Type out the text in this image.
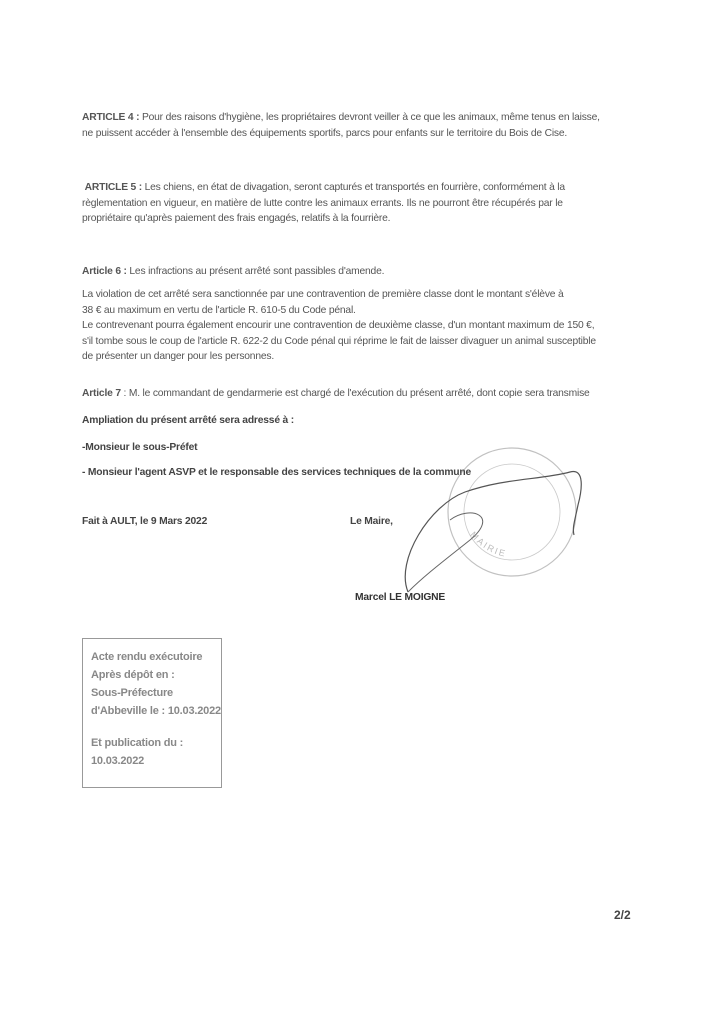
ARTICLE 4 : Pour des raisons d'hygiène, les propriétaires devront veiller à ce que les animaux, même tenus en laisse,
ne puissent accéder à l'ensemble des équipements sportifs, parcs pour enfants sur le territoire du Bois de Cise.
ARTICLE 5 : Les chiens, en état de divagation, seront capturés et transportés en fourrière, conformément à la
règlementation en vigueur, en matière de lutte contre les animaux errants. Ils ne pourront être récupérés par le
propriétaire qu'après paiement des frais engagés, relatifs à la fourrière.
Article 6 : Les infractions au présent arrêté sont passibles d'amende.
La violation de cet arrêté sera sanctionnée par une contravention de première classe dont le montant s'élève à
38 € au maximum en vertu de l'article R. 610-5 du Code pénal.
Le contrevenant pourra également encourir une contravention de deuxième classe, d'un montant maximum de 150 €,
s'il tombe sous le coup de l'article R. 622-2 du Code pénal qui réprime le fait de laisser divaguer un animal susceptible
de présenter un danger pour les personnes.
Article 7 : M. le commandant de gendarmerie est chargé de l'exécution du présent arrêté, dont copie sera transmise
Ampliation du présent arrêté sera adressé à :
-Monsieur le sous-Préfet
- Monsieur l'agent ASVP et le responsable des services techniques de la commune
Fait à AULT, le 9 Mars 2022	Le Maire,
Marcel LE MOIGNE
MAIRIE
Acte rendu exécutoire
Après dépôt en :
Sous-Préfecture
d'Abbeville le : 10.03.2022
Et publication du :
10.03.2022
2/2
